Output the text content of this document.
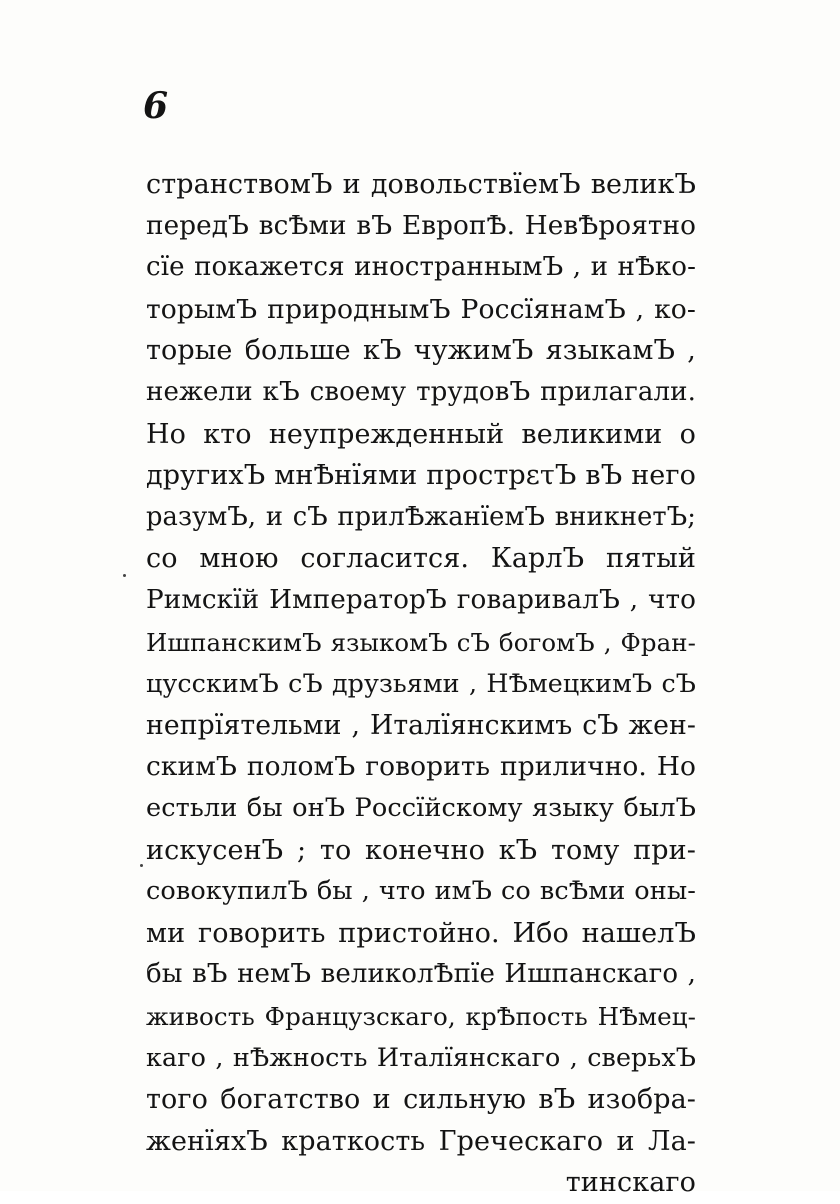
6
странствомЪ и довольствїемЪ великЪ
передЪ всѢми вЪ ЕвропѢ. НевѢроятно
сїе покажется иностраннымЪ , и нѢко-
торымЪ природнымЪ РоссїянамЪ , ко-
торые больше кЪ чужимЪ языкамЪ ,
нежели кЪ своему трудовЪ прилагали.
Но кто неупрежденный великими о
другихЪ мнѢнїями прострετЪ вЪ него
разумЪ, и сЪ прилѢжанїемЪ вникнетЪ;
со мною согласится. КарлЪ пятый
Римскїй ИмператорЪ говаривалЪ , что
ИшпанскимЪ языкомЪ сЪ богомЪ , Фран-
цусскимЪ сЪ друзьями , НѢмецкимЪ сЪ
непрїятельми , Италїянскимъ сЪ жен-
скимЪ поломЪ говорить прилично. Но
естьли бы онЪ Россїйскому языку былЪ
искусенЪ ; то конечно кЪ тому при-
совокупилЪ бы , что имЪ со всѢми оны-
ми говорить пристойно. Ибо нашелЪ
бы вЪ немЪ великолѢпїе Ишпанскаго ,
живость Французскаго, крѢпость НѢмец-
каго , нѢжность Италїянскаго , сверьхЪ
того богатство и сильную вЪ изобра-
женїяхЪ краткость Греческаго и Ла-
тинскаго
